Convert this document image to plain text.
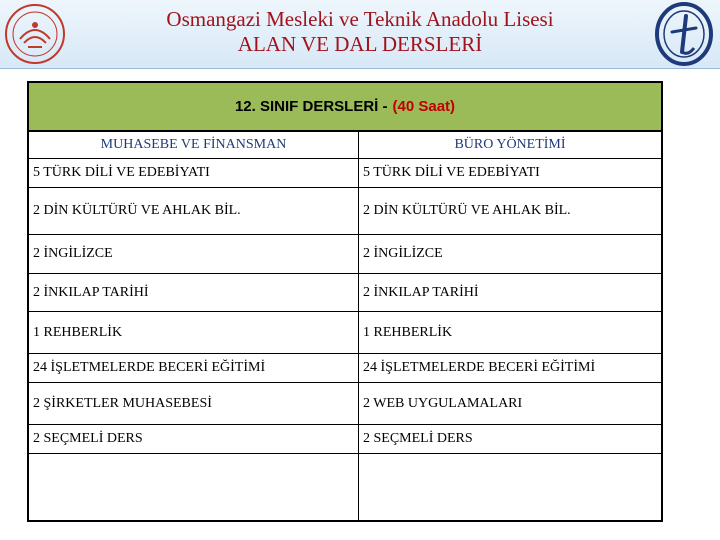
Osmangazi Mesleki ve Teknik Anadolu Lisesi
ALAN VE DAL DERSLERİ
12. SINIF DERSLERİ - (40 Saat)
MUHASEBE VE FİNANSMAN	BÜRO YÖNETİMİ
5 TÜRK DİLİ VE EDEBİYATI	5 TÜRK DİLİ VE EDEBİYATI
2 DİN KÜLTÜRÜ VE AHLAK BİL.	2 DİN KÜLTÜRÜ VE AHLAK BİL.
2 İNGİLİZCE	2 İNGİLİZCE
2 İNKILAP TARİHİ	2 İNKILAP TARİHİ
1 REHBERLİK	1 REHBERLİK
24 İŞLETMELERDE BECERİ EĞİTİMİ	24 İŞLETMELERDE BECERİ EĞİTİMİ
2 ŞİRKETLER MUHASEBESİ	2 WEB UYGULAMALARI
2 SEÇMELİ DERS	2 SEÇMELİ DERS
